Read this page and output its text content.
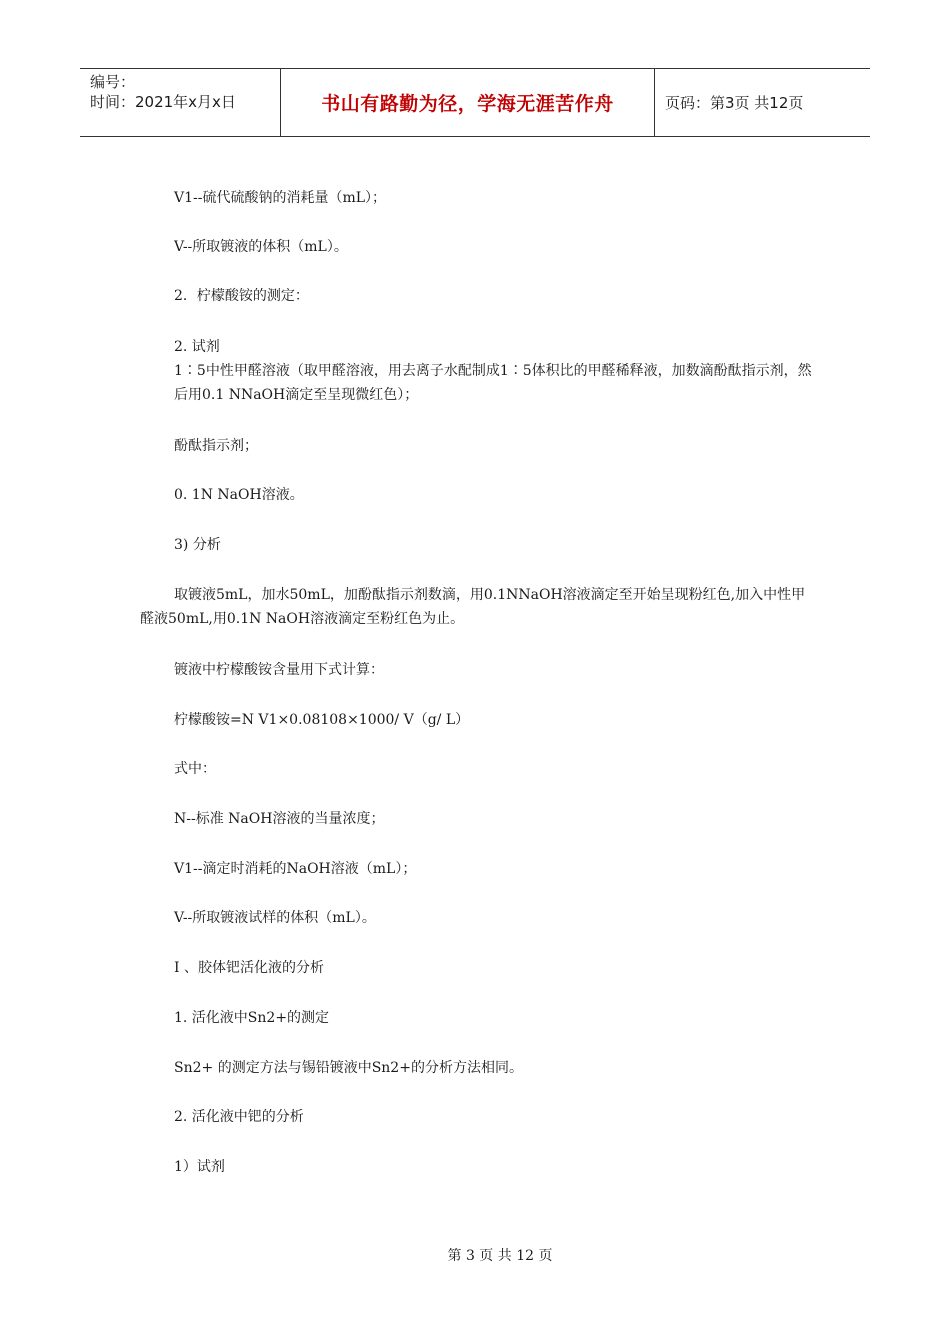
编号：
时间：2021年x月x日	书山有路勤为径，学海无涯苦作舟	页码：第3页 共12页
V1--硫代硫酸钠的消耗量（mL）；
V--所取镀液的体积（mL）。
2．柠檬酸铵的测定：
2. 试剂
1∶5中性甲醛溶液（取甲醛溶液，用去离子水配制成1∶5体积比的甲醛稀释液，加数滴酚酞指示剂，然后用0.1 NNaOH滴定至呈现微红色）；
酚酞指示剂；
0. 1N NaOH溶液。
3) 分析
取镀液5mL，加水50mL，加酚酞指示剂数滴，用0.1NNaOH溶液滴定至开始呈现粉红色,加入中性甲醛液50mL,用0.1N NaOH溶液滴定至粉红色为止。
镀液中柠檬酸铵含量用下式计算：
柠檬酸铵=N V1×0.08108×1000/ V（g/ L）
式中：
N--标准 NaOH溶液的当量浓度；
V1--滴定时消耗的NaOH溶液（mL）；
V--所取镀液试样的体积（mL）。
I 、胶体钯活化液的分析
1. 活化液中Sn2+的测定
Sn2+ 的测定方法与锡铅镀液中Sn2+的分析方法相同。
2. 活化液中钯的分析
1）试剂
第 3 页 共 12 页
